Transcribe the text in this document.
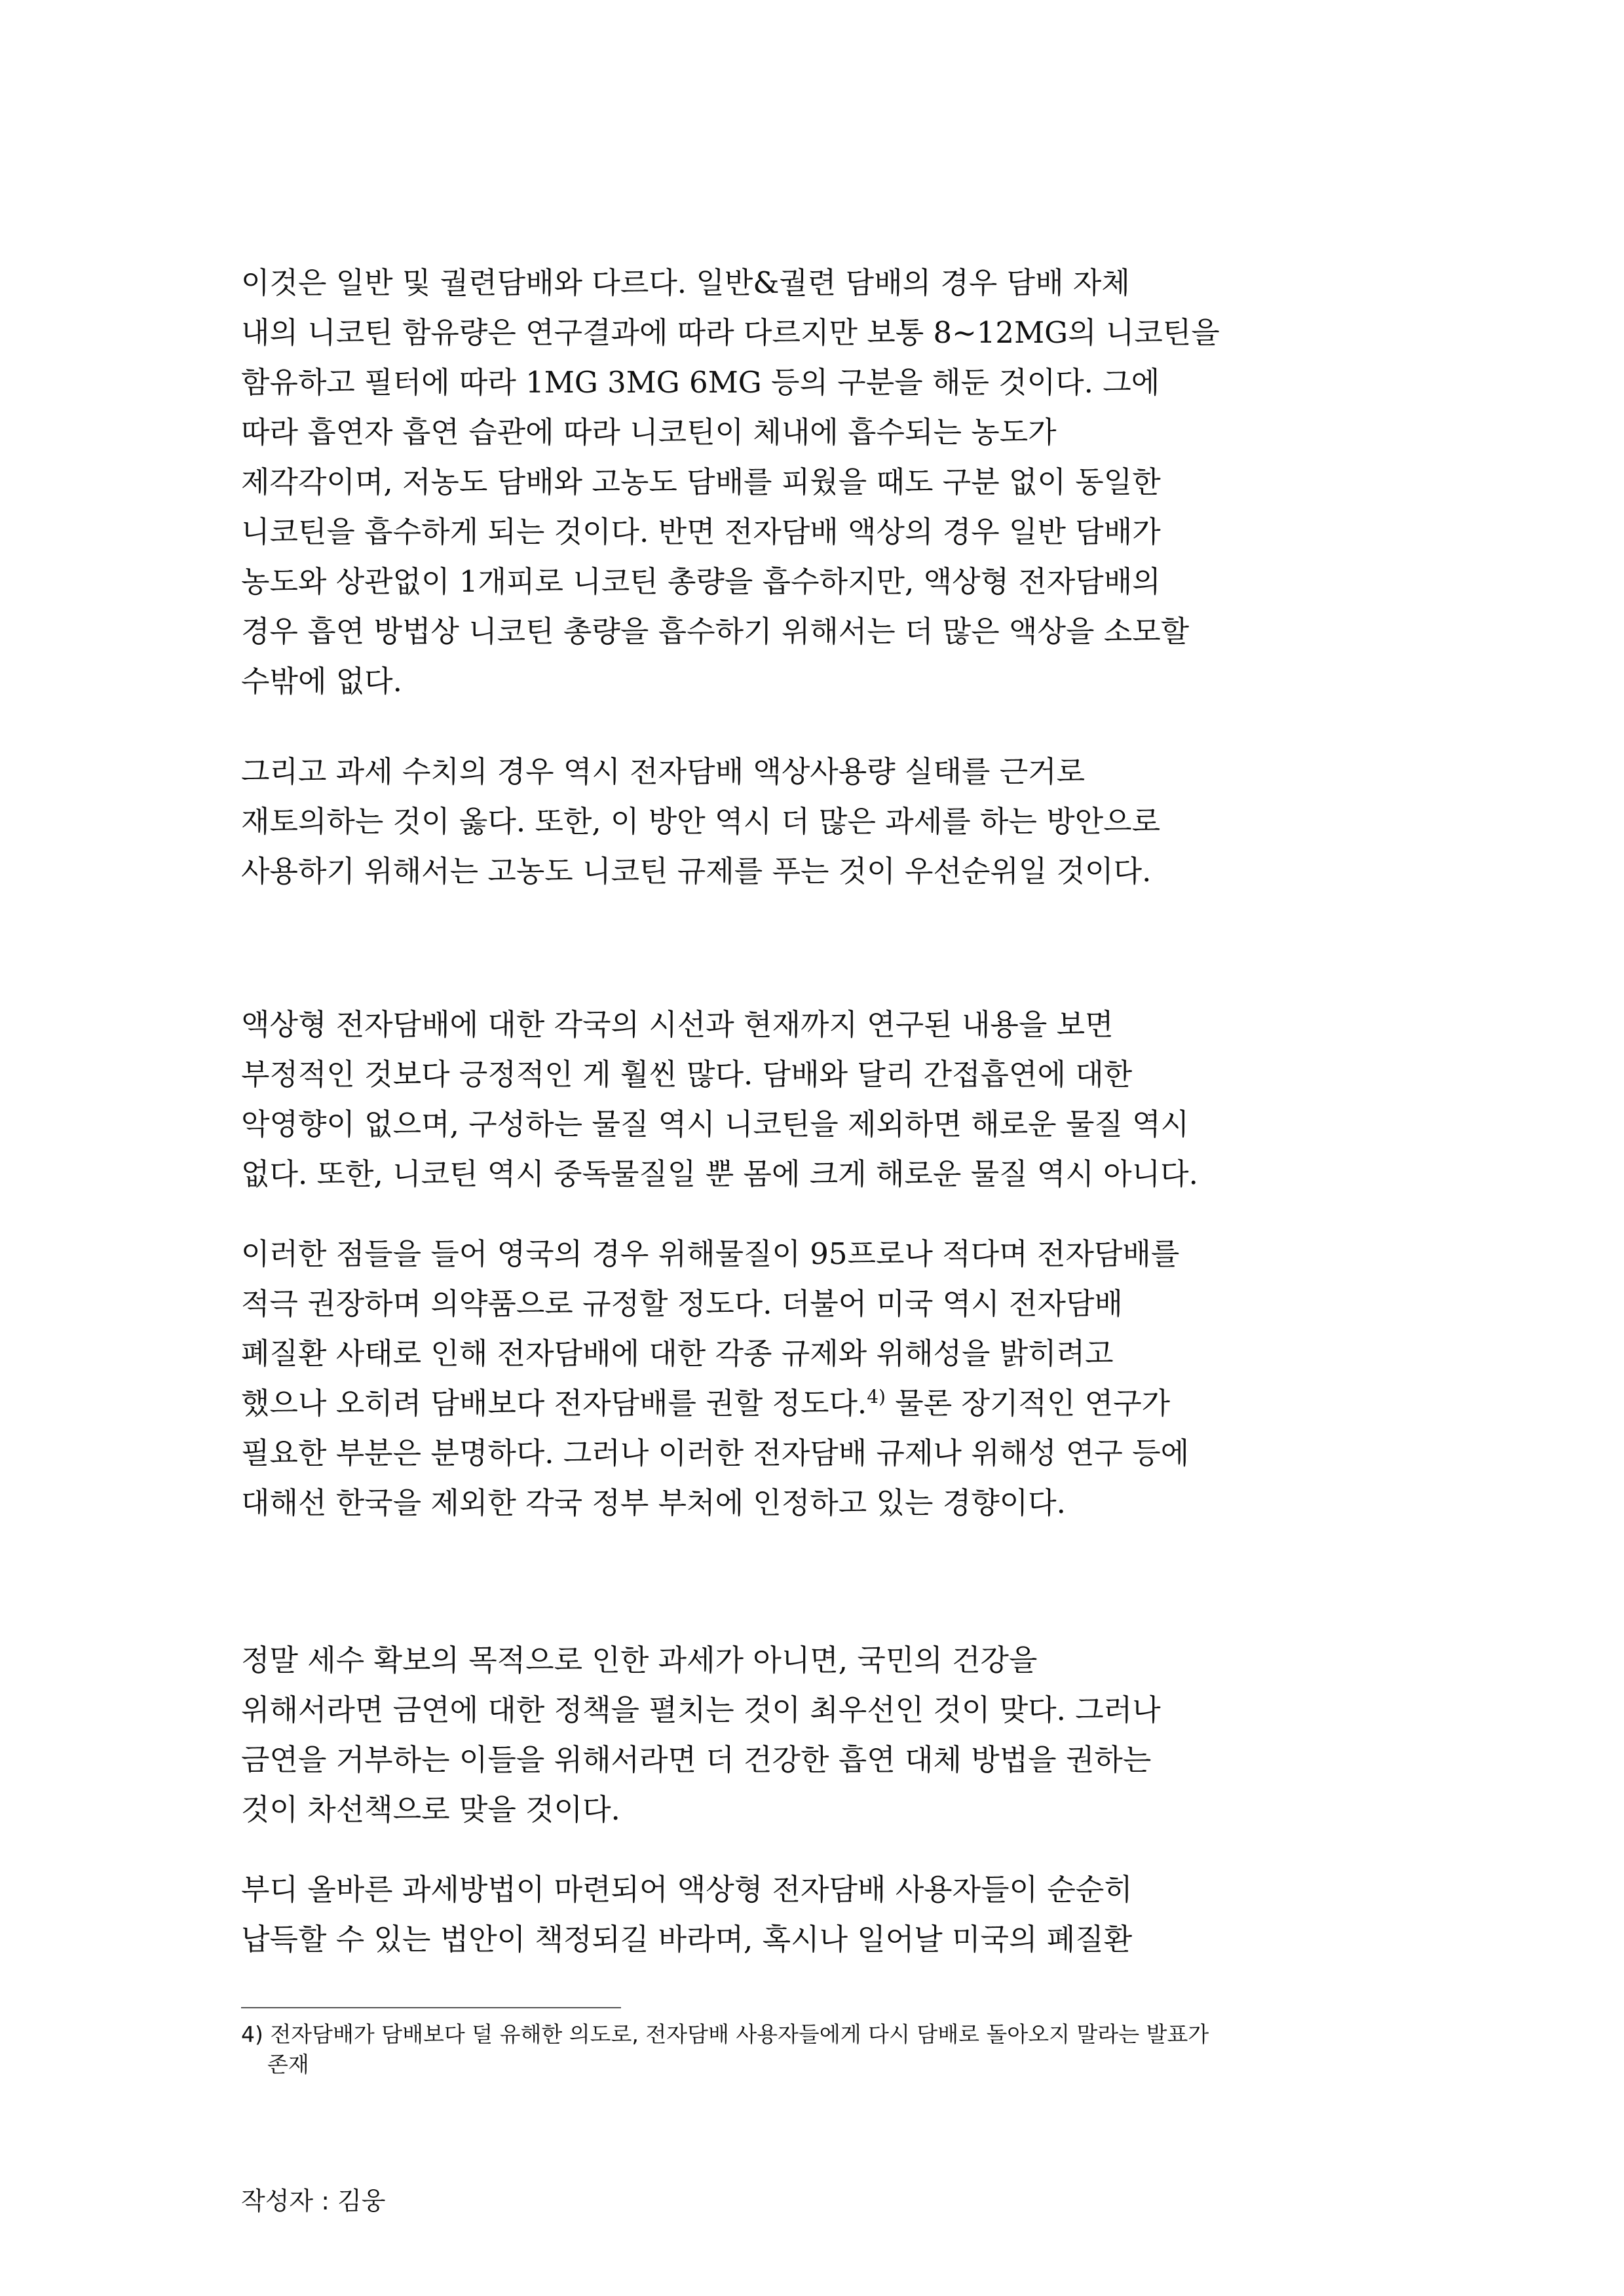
이것은 일반 및 궐련담배와 다르다. 일반&궐련 담배의 경우 담배 자체
내의 니코틴 함유량은 연구결과에 따라 다르지만 보통 8~12MG의 니코틴을
함유하고 필터에 따라 1MG 3MG 6MG 등의 구분을 해둔 것이다. 그에
따라 흡연자 흡연 습관에 따라 니코틴이 체내에 흡수되는 농도가
제각각이며, 저농도 담배와 고농도 담배를 피웠을 때도 구분 없이 동일한
니코틴을 흡수하게 되는 것이다. 반면 전자담배 액상의 경우 일반 담배가
농도와 상관없이 1개피로 니코틴 총량을 흡수하지만, 액상형 전자담배의
경우 흡연 방법상 니코틴 총량을 흡수하기 위해서는 더 많은 액상을 소모할
수밖에 없다.

그리고 과세 수치의 경우 역시 전자담배 액상사용량 실태를 근거로
재토의하는 것이 옳다. 또한, 이 방안 역시 더 많은 과세를 하는 방안으로
사용하기 위해서는 고농도 니코틴 규제를 푸는 것이 우선순위일 것이다.

액상형 전자담배에 대한 각국의 시선과 현재까지 연구된 내용을 보면
부정적인 것보다 긍정적인 게 훨씬 많다. 담배와 달리 간접흡연에 대한
악영향이 없으며, 구성하는 물질 역시 니코틴을 제외하면 해로운 물질 역시
없다. 또한, 니코틴 역시 중독물질일 뿐 몸에 크게 해로운 물질 역시 아니다.

이러한 점들을 들어 영국의 경우 위해물질이 95프로나 적다며 전자담배를
적극 권장하며 의약품으로 규정할 정도다. 더불어 미국 역시 전자담배
폐질환 사태로 인해 전자담배에 대한 각종 규제와 위해성을 밝히려고
했으나 오히려 담배보다 전자담배를 권할 정도다.$^{4)}$ 물론 장기적인 연구가
필요한 부분은 분명하다. 그러나 이러한 전자담배 규제나 위해성 연구 등에
대해선 한국을 제외한 각국 정부 부처에 인정하고 있는 경향이다.

정말 세수 확보의 목적으로 인한 과세가 아니면, 국민의 건강을
위해서라면 금연에 대한 정책을 펼치는 것이 최우선인 것이 맞다. 그러나
금연을 거부하는 이들을 위해서라면 더 건강한 흡연 대체 방법을 권하는
것이 차선책으로 맞을 것이다.

부디 올바른 과세방법이 마련되어 액상형 전자담배 사용자들이 순순히
납득할 수 있는 법안이 책정되길 바라며, 혹시나 일어날 미국의 폐질환

4) 전자담배가 담배보다 덜 유해한 의도로, 전자담배 사용자들에게 다시 담배로 돌아오지 말라는 발표가
존재
작성자 : 김웅
